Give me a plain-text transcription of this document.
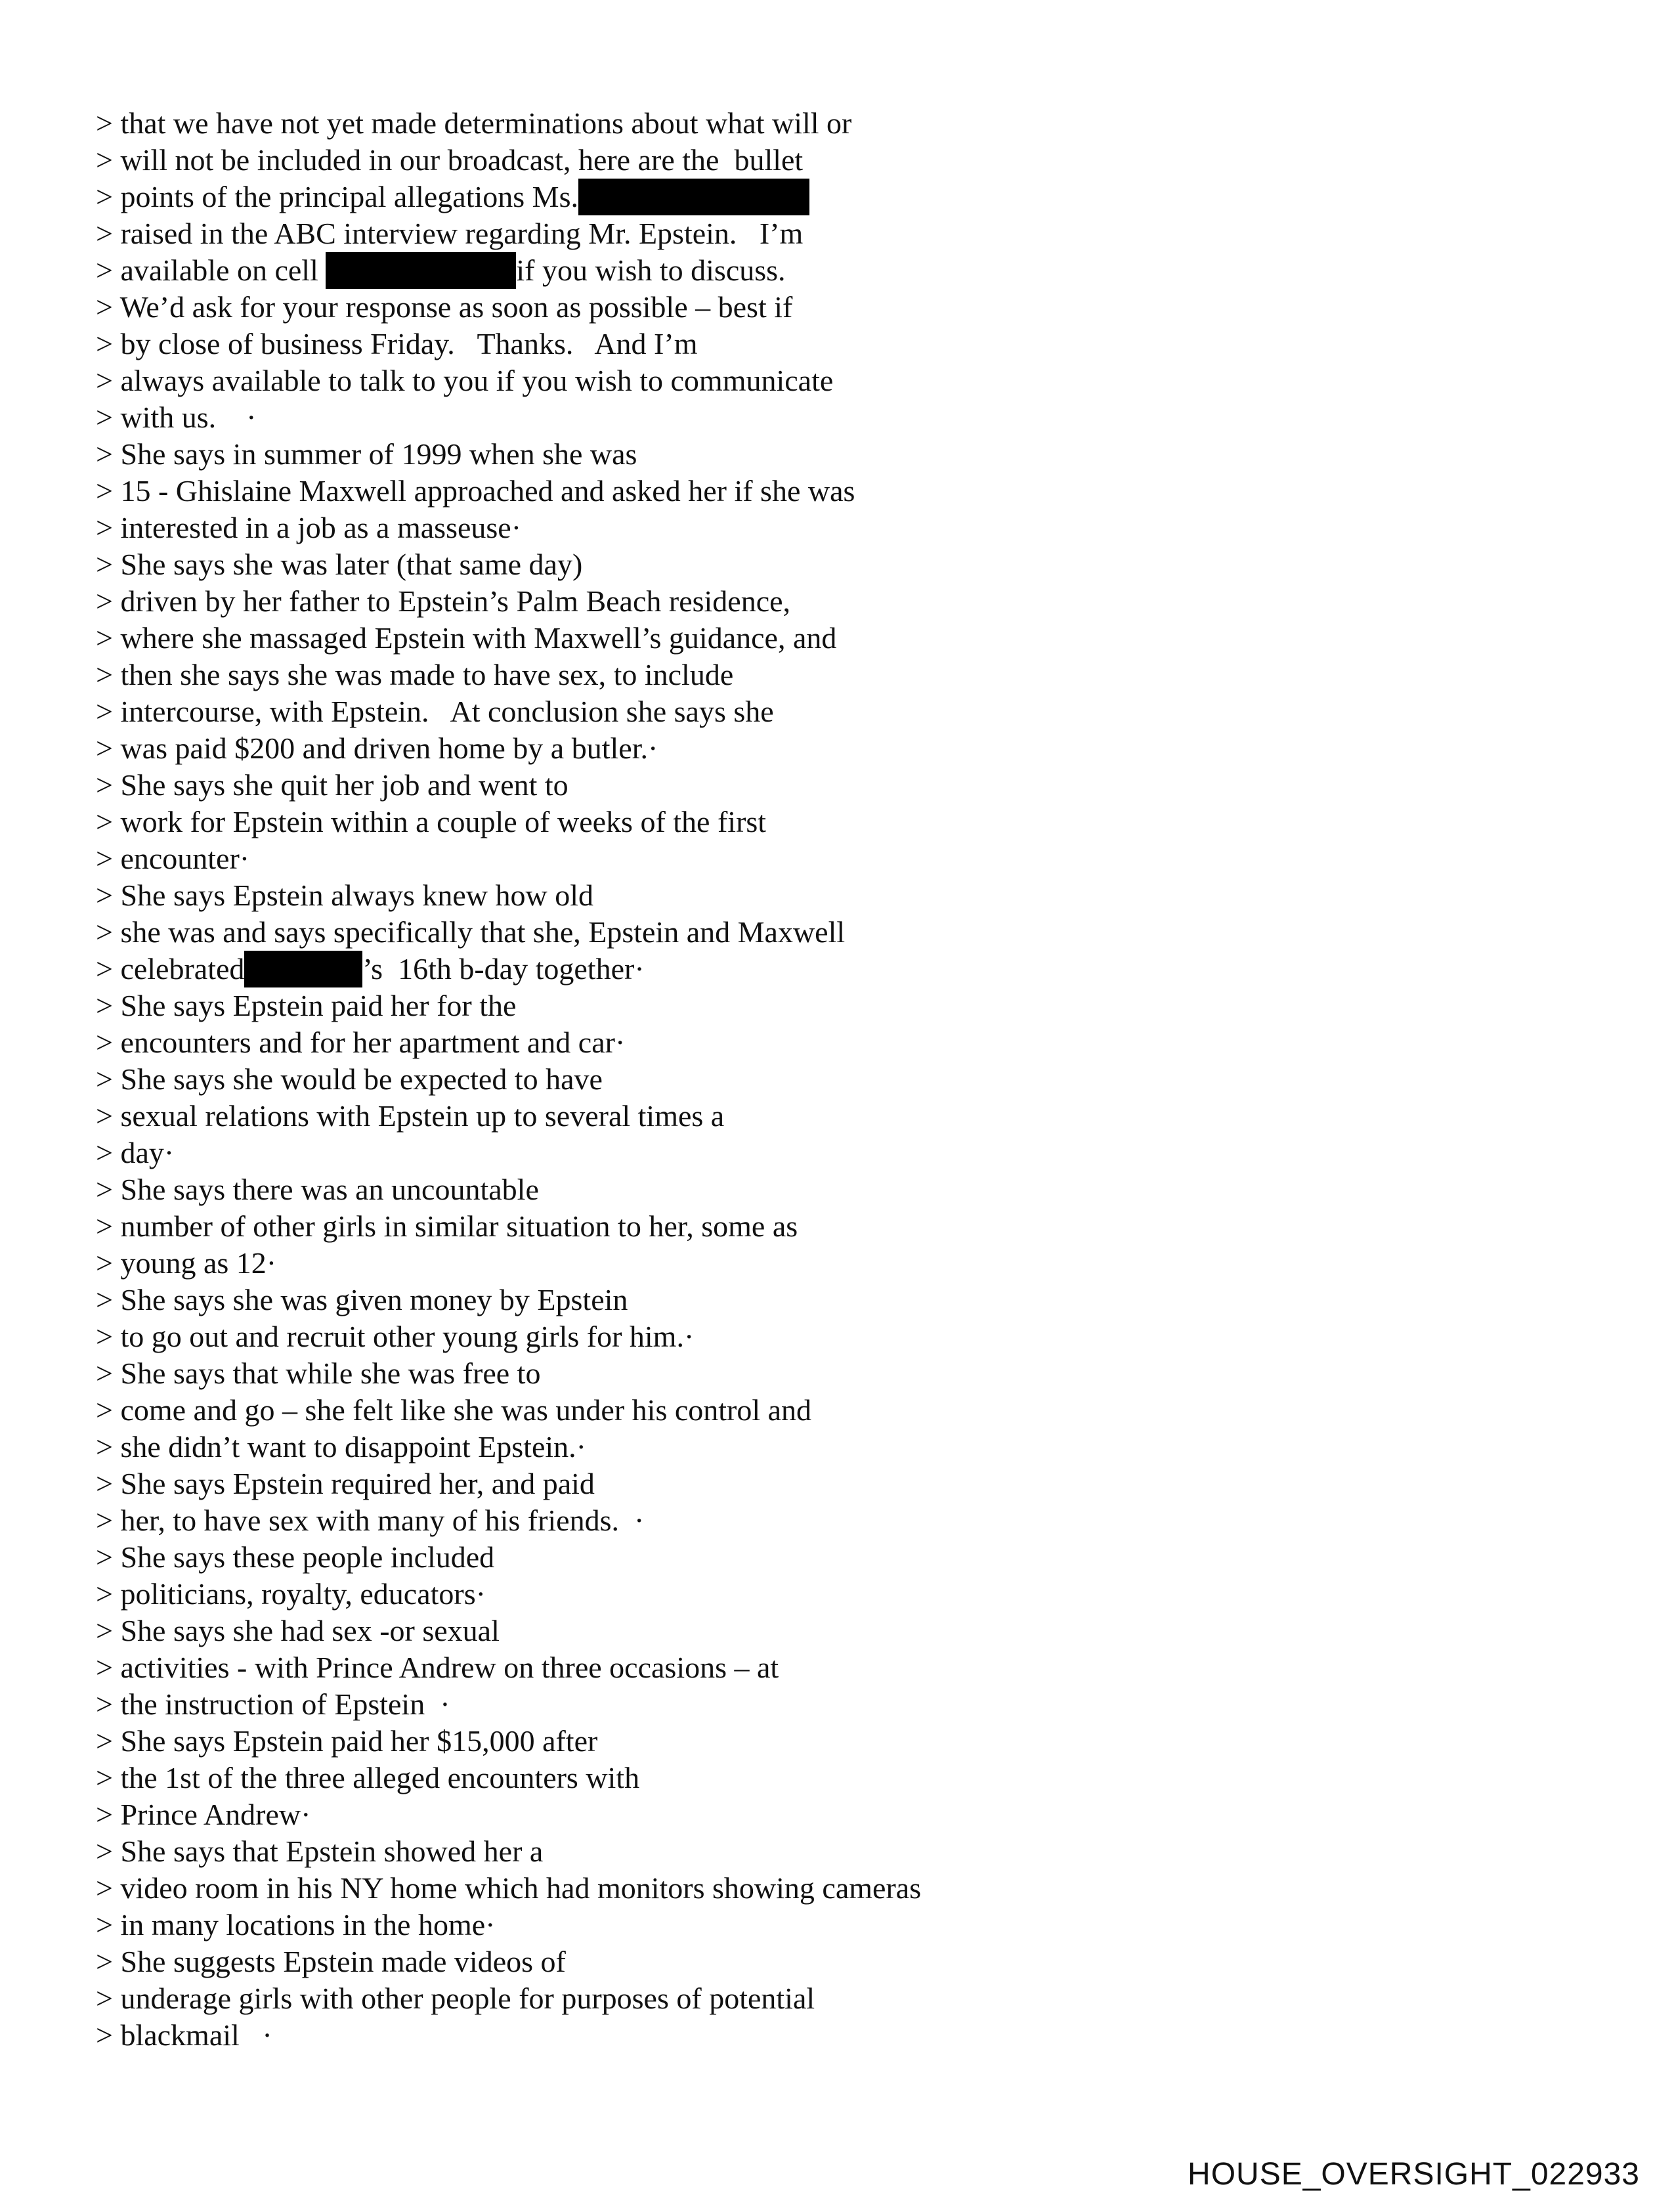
> that we have not yet made determinations about what will or
> will not be included in our broadcast, here are the  bullet
> points of the principal allegations Ms.
> raised in the ABC interview regarding Mr. Epstein.   I’m
> available on cell	if you wish to discuss.
> We’d ask for your response as soon as possible – best if
> by close of business Friday.   Thanks.   And I’m
> always available to talk to you if you wish to communicate
> with us.    ·
> She says in summer of 1999 when she was
> 15 - Ghislaine Maxwell approached and asked her if she was
> interested in a job as a masseuse·
> She says she was later (that same day)
> driven by her father to Epstein’s Palm Beach residence,
> where she massaged Epstein with Maxwell’s guidance, and
> then she says she was made to have sex, to include
> intercourse, with Epstein.   At conclusion she says she
> was paid $200 and driven home by a butler.·
> She says she quit her job and went to
> work for Epstein within a couple of weeks of the first
> encounter·
> She says Epstein always knew how old
> she was and says specifically that she, Epstein and Maxwell
> celebrated	’s  16th b-day together·
> She says Epstein paid her for the
> encounters and for her apartment and car·
> She says she would be expected to have
> sexual relations with Epstein up to several times a
> day·
> She says there was an uncountable
> number of other girls in similar situation to her, some as
> young as 12·
> She says she was given money by Epstein
> to go out and recruit other young girls for him.·
> She says that while she was free to
> come and go – she felt like she was under his control and
> she didn’t want to disappoint Epstein.·
> She says Epstein required her, and paid
> her, to have sex with many of his friends.  ·
> She says these people included
> politicians, royalty, educators·
> She says she had sex -or sexual
> activities - with Prince Andrew on three occasions – at
> the instruction of Epstein  ·
> She says Epstein paid her $15,000 after
> the 1st of the three alleged encounters with
> Prince Andrew·
> She says that Epstein showed her a
> video room in his NY home which had monitors showing cameras
> in many locations in the home·
> She suggests Epstein made videos of
> underage girls with other people for purposes of potential
> blackmail   ·
HOUSE_OVERSIGHT_022933
